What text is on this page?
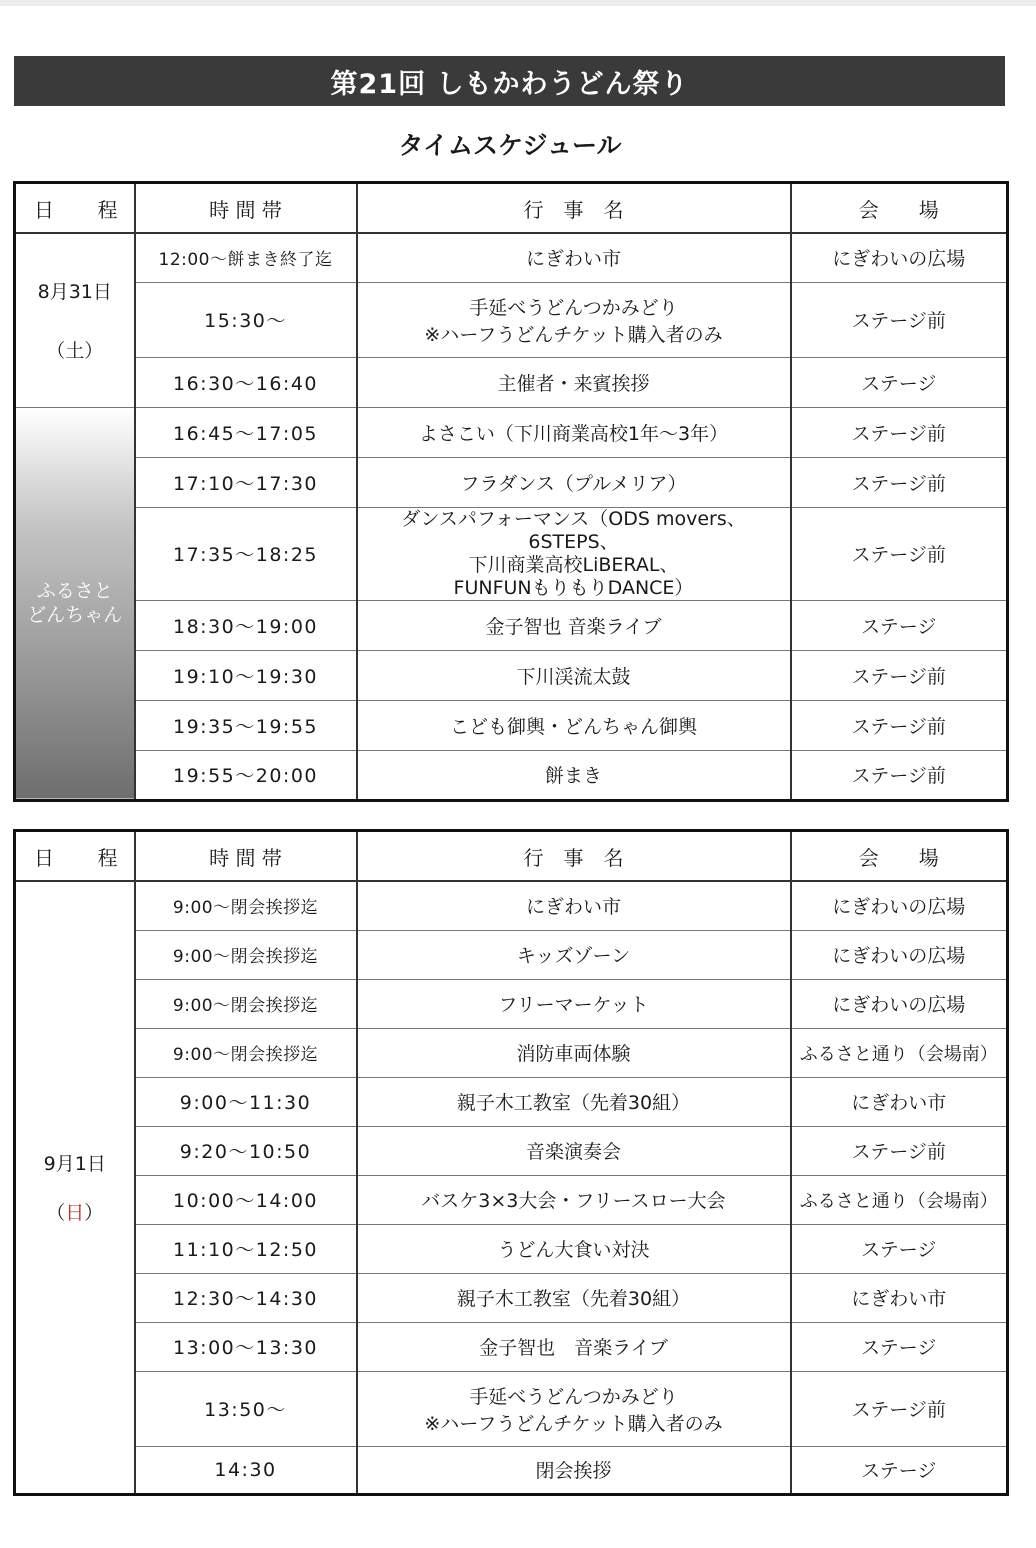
第21回 しもかわうどん祭り
タイムスケジュール
日 程	時 間 帯	行　事　名	会　　場

8月31日
（土）	12:00～餅まき終了迄	にぎわい市	にぎわいの広場
	15:30～	手延べうどんつかみどり
※ハーフうどんチケット購入者のみ	ステージ前
	16:30～16:40	主催者・来賓挨拶	ステージ

ふるさと
どんちゃん	16:45～17:05	よさこい（下川商業高校1年～3年）	ステージ前
	17:10～17:30	フラダンス（プルメリア）	ステージ前
	17:35～18:25	ダンスパフォーマンス（ODS movers、6STEPS、
下川商業高校LiBERAL、
FUNFUNもりもりDANCE）	ステージ前
	18:30～19:00	金子智也 音楽ライブ	ステージ
	19:10～19:30	下川渓流太鼓	ステージ前
	19:35～19:55	こども御輿・どんちゃん御輿	ステージ前
	19:55～20:00	餅まき	ステージ前
日 程	時 間 帯	行　事　名	会　　場

9月1日
（日）	9:00～閉会挨拶迄	にぎわい市	にぎわいの広場
	9:00～閉会挨拶迄	キッズゾーン	にぎわいの広場
	9:00～閉会挨拶迄	フリーマーケット	にぎわいの広場
	9:00～閉会挨拶迄	消防車両体験	ふるさと通り（会場南）
	9:00～11:30	親子木工教室（先着30組）	にぎわい市
	9:20～10:50	音楽演奏会	ステージ前
	10:00～14:00	バスケ3×3大会・フリースロー大会	ふるさと通り（会場南）
	11:10～12:50	うどん大食い対決	ステージ
	12:30～14:30	親子木工教室（先着30組）	にぎわい市
	13:00～13:30	金子智也　音楽ライブ	ステージ
	13:50～	手延べうどんつかみどり
※ハーフうどんチケット購入者のみ	ステージ前
	14:30	閉会挨拶	ステージ
